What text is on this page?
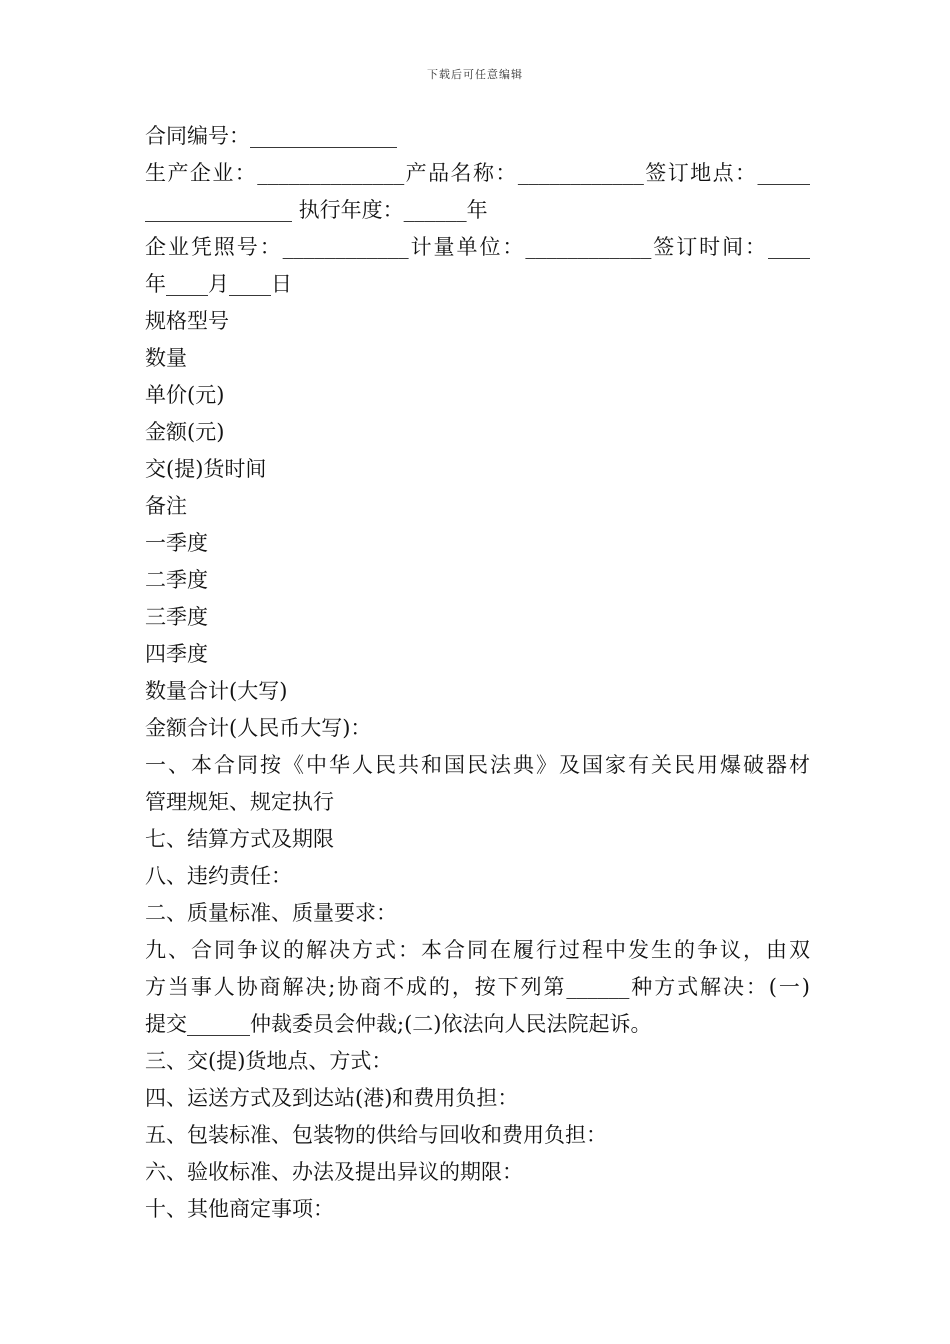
下载后可任意编辑
合同编号：______________
生产企业：______________产品名称：____________签订地点：_____
______________ 执行年度：______年
企业凭照号：____________计量单位：____________签订时间：____
年____月____日
规格型号
数量
单价(元)
金额(元)
交(提)货时间
备注
一季度
二季度
三季度
四季度
数量合计(大写)
金额合计(人民币大写)：
一、本合同按《中华人民共和国民法典》及国家有关民用爆破器材
管理规矩、规定执行
七、结算方式及期限
八、违约责任：
二、质量标准、质量要求：
九、合同争议的解决方式：本合同在履行过程中发生的争议，由双
方当事人协商解决;协商不成的，按下列第______种方式解决：(一)
提交______仲裁委员会仲裁;(二)依法向人民法院起诉。
三、交(提)货地点、方式：
四、运送方式及到达站(港)和费用负担：
五、包装标准、包装物的供给与回收和费用负担：
六、验收标准、办法及提出异议的期限：
十、其他商定事项：
